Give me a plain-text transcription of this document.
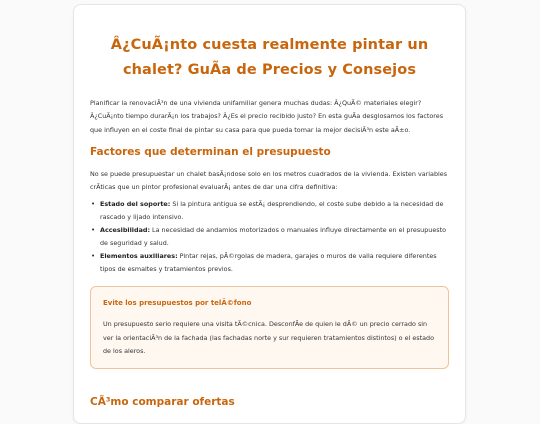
Â¿CuÃ¡nto cuesta realmente pintar un chalet? GuÃa de Precios y Consejos

Planificar la renovaciÃ³n de una vivienda unifamiliar genera muchas dudas: Â¿QuÃ© materiales elegir? Â¿CuÃ¡nto tiempo durarÃ¡n los trabajos? Â¿Es el precio recibido justo? En esta guÃa desglosamos los factores que influyen en el coste final de pintar su casa para que pueda tomar la mejor decisiÃ³n este aÃ±o.

Factores que determinan el presupuesto

No se puede presupuestar un chalet basÃ¡ndose solo en los metros cuadrados de la vivienda. Existen variables crÃticas que un pintor profesional evaluarÃ¡ antes de dar una cifra definitiva:

• Estado del soporte: Si la pintura antigua se estÃ¡ desprendiendo, el coste sube debido a la necesidad de rascado y lijado intensivo.
• Accesibilidad: La necesidad de andamios motorizados o manuales influye directamente en el presupuesto de seguridad y salud.
• Elementos auxiliares: Pintar rejas, pÃ©rgolas de madera, garajes o muros de valla requiere diferentes tipos de esmaltes y tratamientos previos.
Evite los presupuestos por telÃ©fono
Un presupuesto serio requiere una visita tÃ©cnica. DesconfÃe de quien le dÃ© un precio cerrado sin ver la orientaciÃ³n de la fachada (las fachadas norte y sur requieren tratamientos distintos) o el estado de los aleros.
CÃ³mo comparar ofertas
